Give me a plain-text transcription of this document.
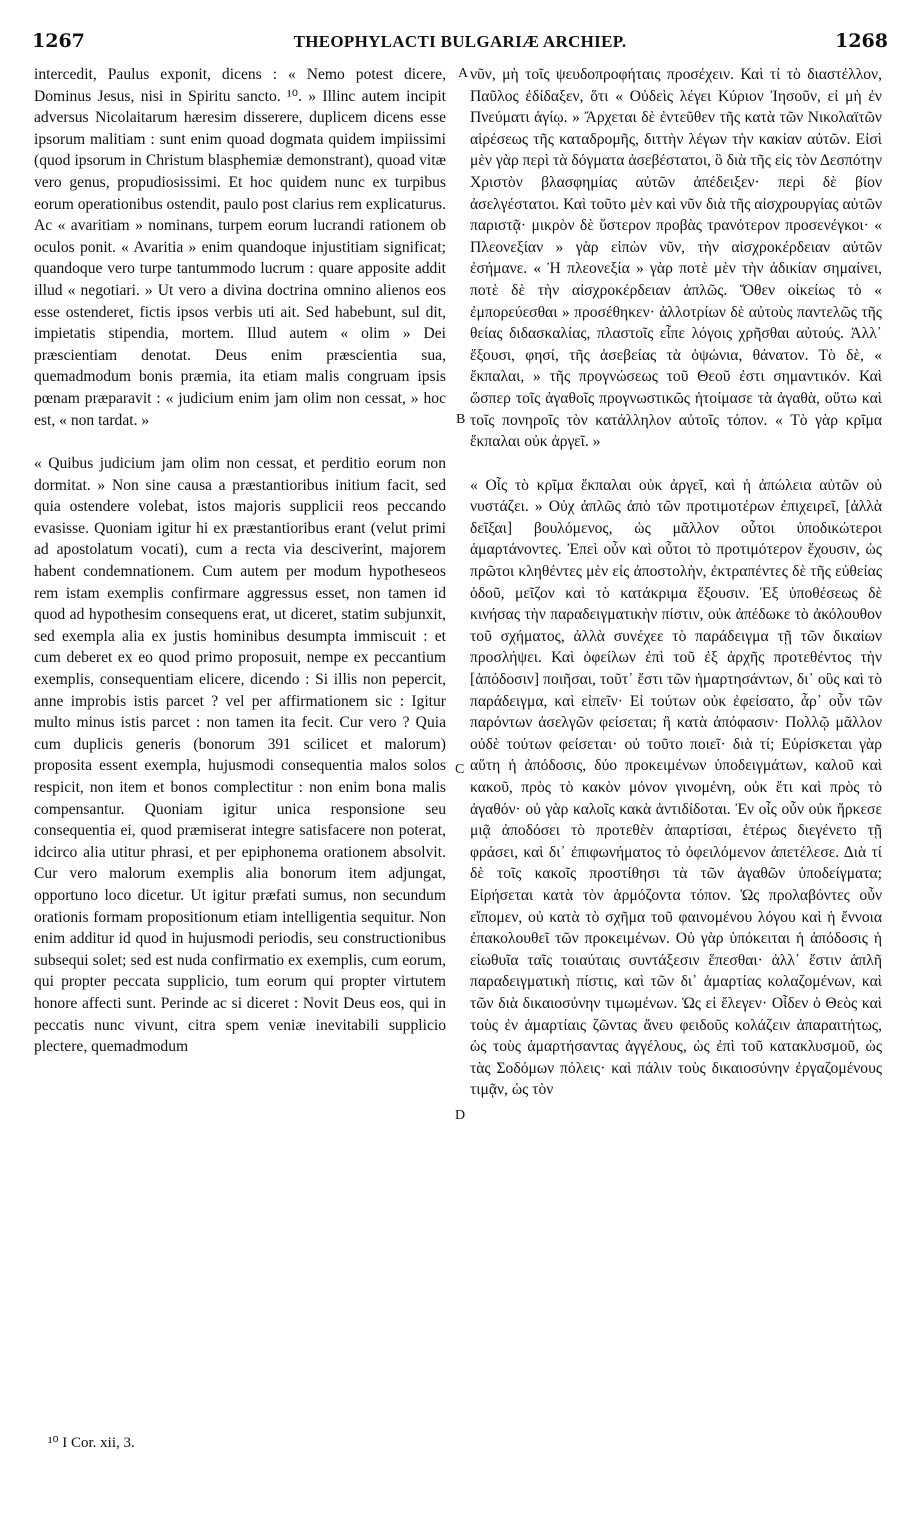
1267	THEOPHYLACTI BULGARIÆ ARCHIEP.	1268

intercedit, Paulus exponit, dicens : « Nemo potest dicere, Dominus Jesus, nisi in Spiritu sancto. ¹⁰. » Illinc autem incipit adversus Nicolaitarum hæresim disserere, duplicem dicens esse ipsorum malitiam : sunt enim quoad dogmata quidem impiissimi (quod ipsorum in Christum blasphemiæ demonstrant), quoad vitæ vero genus, propudiosissimi. Et hoc quidem nunc ex turpibus eorum operationibus ostendit, paulo post clarius rem explicaturus. Ac « avaritiam » nominans, turpem eorum lucrandi rationem ob oculos ponit. « Avaritia » enim quandoque injustitiam significat; quandoque vero turpe tantummodo lucrum : quare apposite addit illud « negotiari. » Ut vero a divina doctrina omnino alienos eos esse ostenderet, fictis ipsos verbis uti ait. Sed habebunt, sul dit, impietatis stipendia, mortem. Illud autem « olim » Dei præscientiam denotat. Deus enim præscientia sua, quemadmodum bonis præmia, ita etiam malis congruam ipsis pœnam præparavit : « judicium enim jam olim non cessat, » hoc est, « non tardat. »

« Quibus judicium jam olim non cessat, et perditio eorum non dormitat. » Non sine causa a præstantioribus initium facit, sed quia ostendere volebat, istos majoris supplicii reos peccando evasisse. Quoniam igitur hi ex præstantioribus erant (velut primi ad apostolatum vocati), cum a recta via desciverint, majorem habent condemnationem. Cum autem per modum hypotheseos rem istam exemplis confirmare aggressus esset, non tamen id quod ad hypothesim consequens erat, ut diceret, statim subjunxit, sed exempla alia ex justis hominibus desumpta immiscuit : et cum deberet ex eo quod primo proposuit, nempe ex peccantium exemplis, consequentiam elicere, dicendo : Si illis non pepercit, anne improbis istis parcet ? vel per affirmationem sic : Igitur multo minus istis parcet : non tamen ita fecit. Cur vero ? Quia cum duplicis generis (bonorum 391 scilicet et malorum) proposita essent exempla, hujusmodi consequentia malos solos respicit, non item et bonos complectitur : non enim bona malis compensantur. Quoniam igitur unica responsione seu consequentia ei, quod præmiserat integre satisfacere non poterat, idcirco alia utitur phrasi, et per epiphonema orationem absolvit. Cur vero malorum exemplis alia bonorum item adjungat, opportuno loco dicetur. Ut igitur præfati sumus, non secundum orationis formam propositionum etiam intelligentia sequitur. Non enim additur id quod in hujusmodi periodis, seu constructionibus subsequi solet; sed est nuda confirmatio ex exemplis, cum eorum, qui propter peccata supplicio, tum eorum qui propter virtutem honore affecti sunt. Perinde ac si diceret : Novit Deus eos, qui in peccatis nunc vivunt, citra spem veniæ inevitabili supplicio plectere, quemadmodum

A
B
C
D

νῦν, μὴ τοῖς ψευδοπροφήταις προσέχειν. Καὶ τί τὸ διαστέλλον, Παῦλος ἐδίδαξεν, ὅτι « Οὐδεὶς λέγει Κύριον Ἰησοῦν, εἰ μὴ ἐν Πνεύματι ἁγίῳ. » Ἄρχεται δὲ ἐντεῦθεν τῆς κατὰ τῶν Νικολαϊτῶν αἱρέσεως τῆς καταδρομῆς, διττὴν λέγων τὴν κακίαν αὐτῶν. Εἰσὶ μὲν γὰρ περὶ τὰ δόγματα ἀσεβέστατοι, ὃ διὰ τῆς εἰς τὸν Δεσπότην Χριστὸν βλασφημίας αὐτῶν ἀπέδειξεν· περὶ δὲ βίον ἀσελγέστατοι. Καὶ τοῦτο μὲν καὶ νῦν διὰ τῆς αἰσχρουργίας αὐτῶν παριστᾷ· μικρὸν δὲ ὕστερον προβὰς τρανότερον προσενέγκοι· « Πλεονεξίαν » γὰρ εἰπὼν νῦν, τὴν αἰσχροκέρδειαν αὐτῶν ἐσήμανε. « Ἡ πλεονεξία » γὰρ ποτὲ μὲν τὴν ἀδικίαν σημαίνει, ποτὲ δὲ τὴν αἰσχροκέρδειαν ἁπλῶς. Ὅθεν οἰκείως τὸ « ἐμπορεύεσθαι » προσέθηκεν· ἀλλοτρίων δὲ αὐτοὺς παντελῶς τῆς θείας διδασκαλίας, πλαστοῖς εἶπε λόγοις χρῆσθαι αὐτούς. Ἀλλ᾽ ἕξουσι, φησί, τῆς ἀσεβείας τὰ ὀψώνια, θάνατον. Τὸ δὲ, « ἔκπαλαι, » τῆς προγνώσεως τοῦ Θεοῦ ἐστι σημαντικόν. Καὶ ὥσπερ τοῖς ἀγαθοῖς προγνωστικῶς ἡτοίμασε τὰ ἀγαθὰ, οὕτω καὶ τοῖς πονηροῖς τὸν κατάλληλον αὐτοῖς τόπον. « Τὸ γὰρ κρῖμα ἔκπαλαι οὐκ ἀργεῖ. »

« Οἷς τὸ κρῖμα ἔκπαλαι οὐκ ἀργεῖ, καὶ ἡ ἀπώλεια αὐτῶν οὐ νυστάζει. » Οὐχ ἁπλῶς ἀπὸ τῶν προτιμοτέρων ἐπιχειρεῖ, [ἀλλὰ δεῖξαι] βουλόμενος, ὡς μᾶλλον οὗτοι ὑποδικώτεροι ἁμαρτάνοντες. Ἐπεὶ οὖν καὶ οὗτοι τὸ προτιμότερον ἔχουσιν, ὡς πρῶτοι κληθέντες μὲν εἰς ἀποστολὴν, ἐκτραπέντες δὲ τῆς εὐθείας ὁδοῦ, μεῖζον καὶ τὸ κατάκριμα ἕξουσιν. Ἐξ ὑποθέσεως δὲ κινήσας τὴν παραδειγματικὴν πίστιν, οὐκ ἀπέδωκε τὸ ἀκόλουθον τοῦ σχήματος, ἀλλὰ συνέχεε τὸ παράδειγμα τῇ τῶν δικαίων προσλήψει. Καὶ ὀφείλων ἐπὶ τοῦ ἐξ ἀρχῆς προτεθέντος τὴν [ἀπόδοσιν] ποιῆσαι, τοῦτ᾽ ἔστι τῶν ἡμαρτησάντων, δι᾽ οὓς καὶ τὸ παράδειγμα, καὶ εἰπεῖν· Εἰ τούτων οὐκ ἐφείσατο, ἆρ᾽ οὖν τῶν παρόντων ἀσελγῶν φείσεται; ἢ κατὰ ἀπόφασιν· Πολλῷ μᾶλλον οὐδὲ τούτων φείσεται· οὐ τοῦτο ποιεῖ· διὰ τί; Εὑρίσκεται γὰρ αὕτη ἡ ἀπόδοσις, δύο προκειμένων ὑποδειγμάτων, καλοῦ καὶ κακοῦ, πρὸς τὸ κακὸν μόνον γινομένη, οὐκ ἔτι καὶ πρὸς τὸ ἀγαθόν· οὐ γὰρ καλοῖς κακὰ ἀντιδίδοται. Ἐν οἷς οὖν οὐκ ἤρκεσε μιᾷ ἀποδόσει τὸ προτεθὲν ἀπαρτίσαι, ἑτέρως διεγένετο τῇ φράσει, καὶ δι᾽ ἐπιφωνήματος τὸ ὀφειλόμενον ἀπετέλεσε. Διὰ τί δὲ τοῖς κακοῖς προστίθησι τὰ τῶν ἀγαθῶν ὑποδείγματα; Εἰρήσεται κατὰ τὸν ἁρμόζοντα τόπον. Ὡς προλαβόντες οὖν εἴπομεν, οὐ κατὰ τὸ σχῆμα τοῦ φαινομένου λόγου καὶ ἡ ἔννοια ἐπακολουθεῖ τῶν προκειμένων. Οὐ γὰρ ὑπόκειται ἡ ἀπόδοσις ἡ εἰωθυῖα ταῖς τοιαύταις συντάξεσιν ἕπεσθαι· ἀλλ᾽ ἔστιν ἁπλῆ παραδειγματικὴ πίστις, καὶ τῶν δι᾽ ἁμαρτίας κολαζομένων, καὶ τῶν διὰ δικαιοσύνην τιμωμένων. Ὡς εἰ ἔλεγεν· Οἶδεν ὁ Θεὸς καὶ τοὺς ἐν ἁμαρτίαις ζῶντας ἄνευ φειδοῦς κολάζειν ἀπαραιτήτως, ὡς τοὺς ἁμαρτήσαντας ἀγγέλους, ὡς ἐπὶ τοῦ κατακλυσμοῦ, ὡς τὰς Σοδόμων πόλεις· καὶ πάλιν τοὺς δικαιοσύνην ἐργαζομένους τιμᾷν, ὡς τὸν

¹⁰ I Cor. xii, 3.
